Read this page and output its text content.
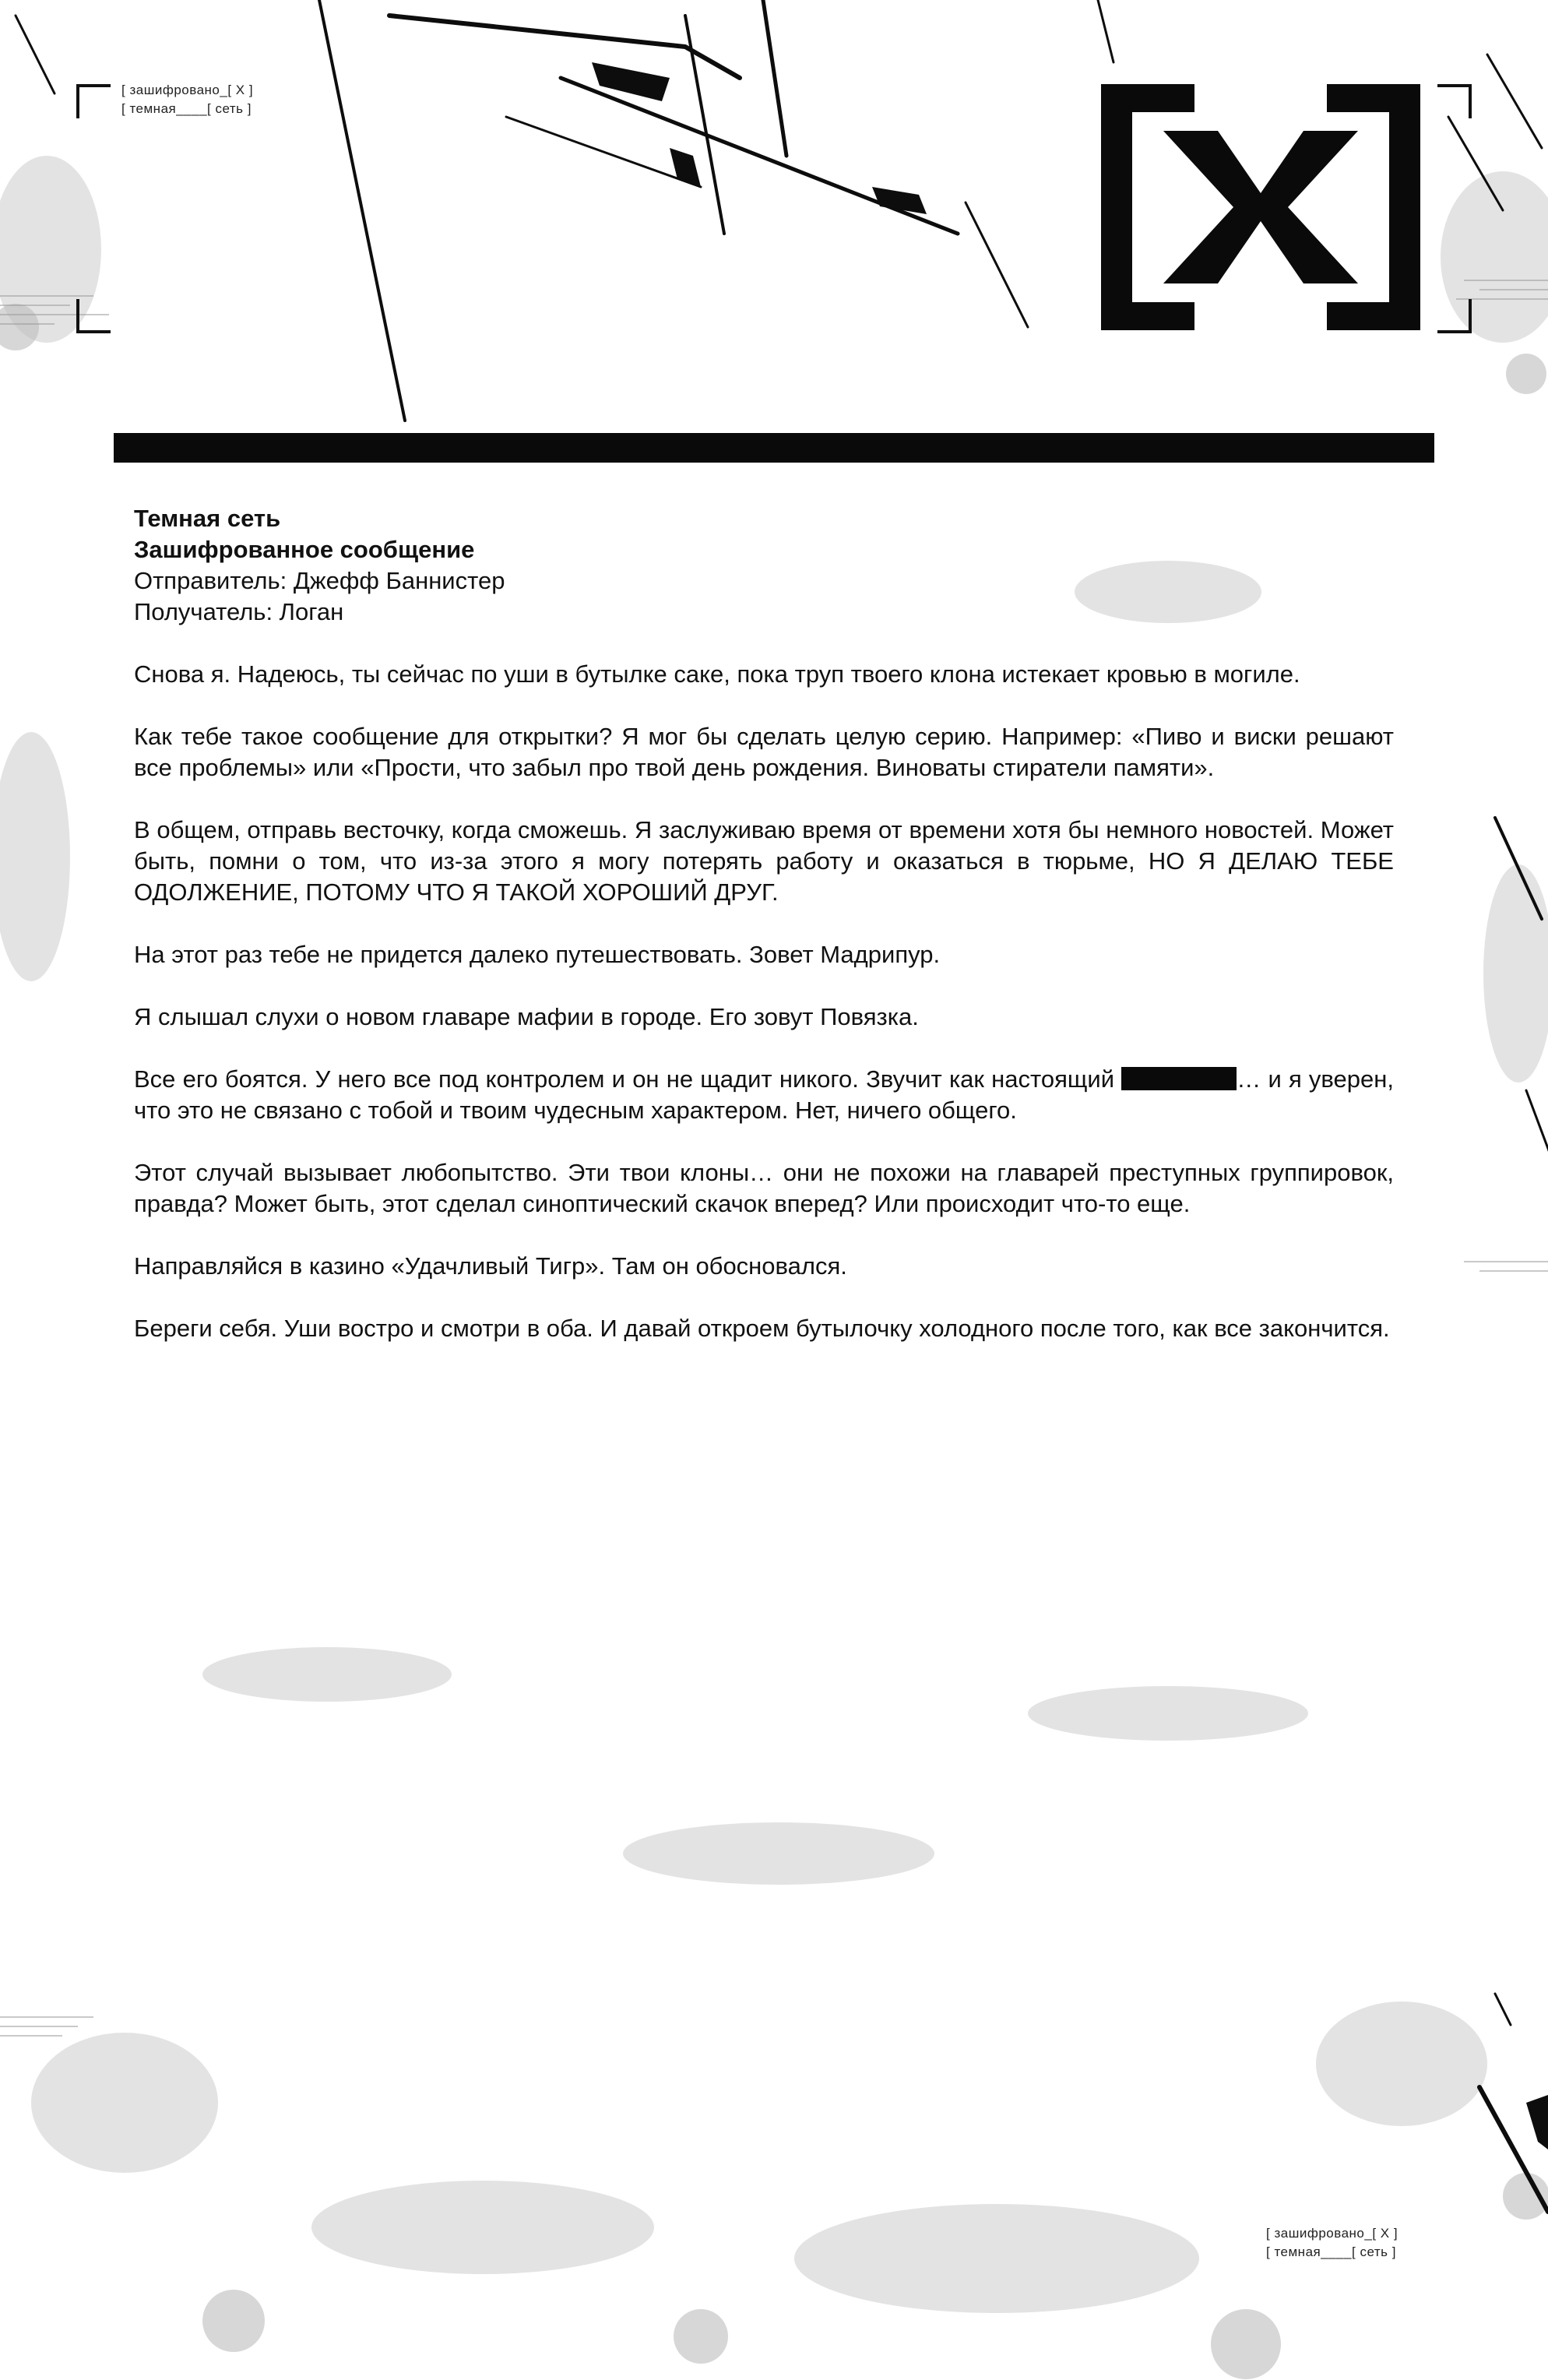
[ зашифровано_[ X ]
[ темная____[ сеть ]

Темная сеть
Зашифрованное сообщение
Отправитель: Джефф Баннистер
Получатель: Логан

Снова я. Надеюсь, ты сейчас по уши в бутылке саке, пока труп твоего клона истекает кровью в могиле.

Как тебе такое сообщение для открытки? Я мог бы сделать целую серию. Например: «Пиво и виски решают все проблемы» или «Прости, что забыл про твой день рождения. Виноваты стиратели памяти».

В общем, отправь весточку, когда сможешь. Я заслуживаю время от времени хотя бы немного новостей. Может быть, помни о том, что из-за этого я могу потерять работу и оказаться в тюрьме, НО Я ДЕЛАЮ ТЕБЕ ОДОЛЖЕНИЕ, ПОТОМУ ЧТО Я ТАКОЙ ХОРОШИЙ ДРУГ.

На этот раз тебе не придется далеко путешествовать. Зовет Мадрипур.

Я слышал слухи о новом главаре мафии в городе. Его зовут Повязка.

Все его боятся. У него все под контролем и он не щадит никого. Звучит как настоящий	… и я уверен, что это не связано с тобой и твоим чудесным характером. Нет, ничего общего.

Этот случай вызывает любопытство. Эти твои клоны… они не похожи на главарей преступных группировок, правда? Может быть, этот сделал синоптический скачок вперед? Или происходит что-то еще.

Направляйся в казино «Удачливый Тигр». Там он обосновался.

Береги себя. Уши востро и смотри в оба. И давай откроем бутылочку холодного после того, как все закончится.

[ зашифровано_[ X ]
[ темная____[ сеть ]
